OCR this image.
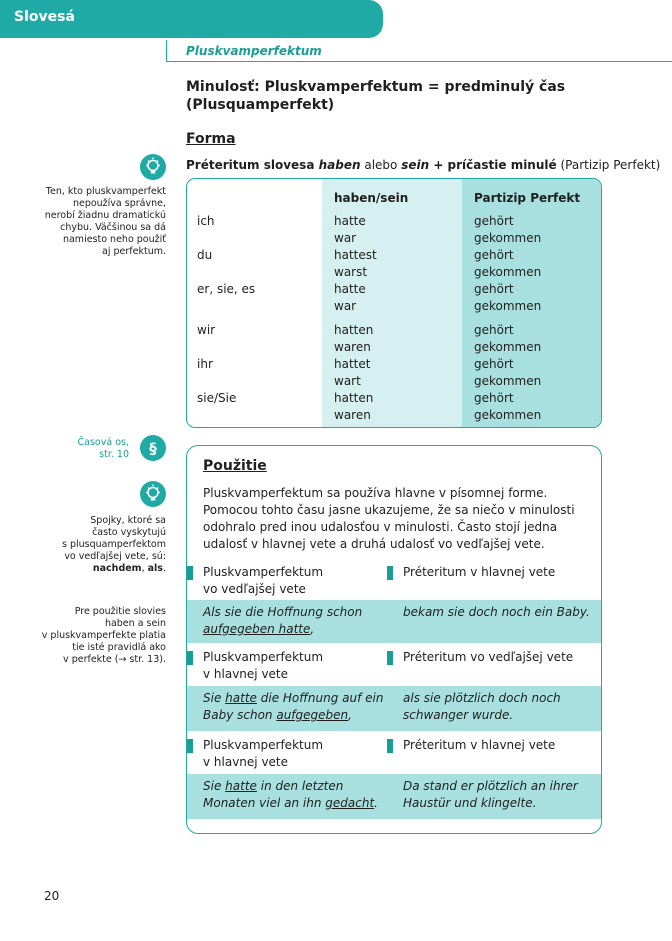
Slovesá
Pluskvamperfektum
Minulosť: Pluskvamperfektum = predminulý čas
(Plusquamperfekt)
Forma
Préteritum slovesa haben alebo sein + príčastie minulé (Partizip Perfekt)
Ten, kto pluskvamperfekt
nepoužíva správne,
nerobí žiadnu dramatickú
chybu. Väčšinou sa dá
namiesto neho použiť
aj perfektum.
Časová os,
str. 10 §
Spojky, ktoré sa
často vyskytujú
s plusquamperfektom
vo vedľajšej vete, sú:
nachdem, als.
Pre použitie slovies
haben a sein
v pluskvamperfekte platia
tie isté pravidlá ako
v perfekte (→ str. 13).
haben/sein	Partizip Perfekt
ich
du
er, sie, es
wir
ihr
sie/Sie
hatte
war
hattest
warst
hatte
war
hatten
waren
hattet
wart
hatten
waren
gehört
gekommen
gehört
gekommen
gehört
gekommen
gehört
gekommen
gehört
gekommen
gehört
gekommen
Použitie
Pluskvamperfektum sa používa hlavne v písomnej forme. Pomocou tohto času jasne ukazujeme, že sa niečo v minulosti odohralo pred inou udalosťou v minulosti. Často stojí jedna udalosť v hlavnej vete a druhá udalosť vo vedľajšej vete.
Pluskvamperfektum
vo vedľajšej vete
Préteritum v hlavnej vete
Als sie die Hoffnung schon
aufgegeben hatte,
bekam sie doch noch ein Baby.
Pluskvamperfektum
v hlavnej vete
Préteritum vo vedľajšej vete
Sie hatte die Hoffnung auf ein
Baby schon aufgegeben,
als sie plötzlich doch noch
schwanger wurde.
Pluskvamperfektum
v hlavnej vete
Préteritum v hlavnej vete
Sie hatte in den letzten
Monaten viel an ihn gedacht.
Da stand er plötzlich an ihrer
Haustür und klingelte.
20
